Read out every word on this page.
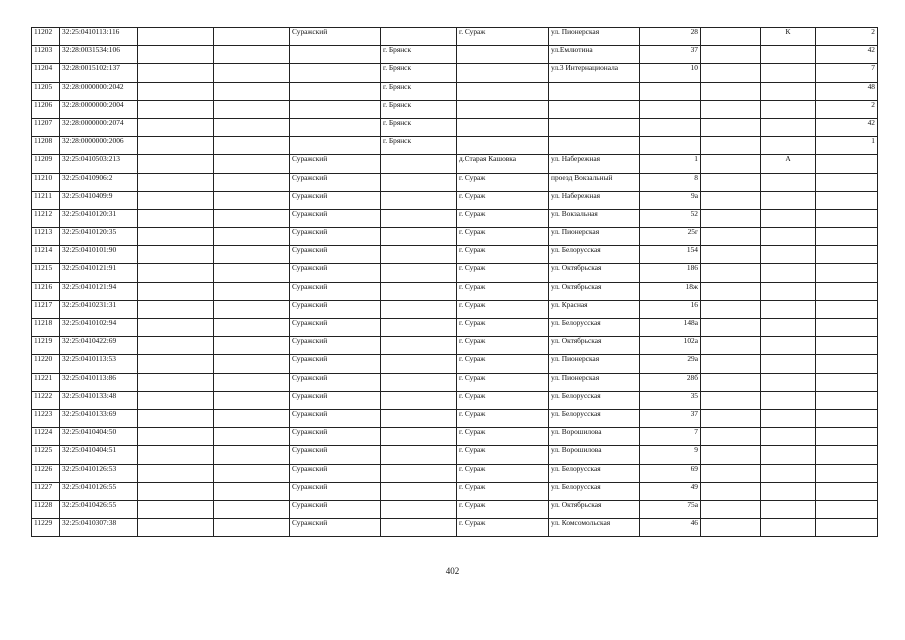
11202	32:25:0410113:116			Суражский		г. Сураж	ул. Пионерская	28		К	2
11203	32:28:0031534:106				г. Брянск		ул.Емлютина	37			42
11204	32:28:0015102:137				г. Брянск		ул.3 Интернационала	10			7
11205	32:28:0000000:2042				г. Брянск						48
11206	32:28:0000000:2004				г. Брянск						2
11207	32:28:0000000:2074				г. Брянск						42
11208	32:28:0000000:2006				г. Брянск						1
11209	32:25:0410503:213			Суражский		д.Старая Кашовка	ул. Набережная	1		А	
11210	32:25:0410906:2			Суражский		г. Сураж	проезд Вокзальный	8			
11211	32:25:0410409:9			Суражский		г. Сураж	ул. Набережная	9а			
11212	32:25:0410120:31			Суражский		г. Сураж	ул. Вокзальная	52			
11213	32:25:0410120:35			Суражский		г. Сураж	ул. Пионерская	25г			
11214	32:25:0410101:90			Суражский		г. Сураж	ул. Белорусская	154			
11215	32:25:0410121:91			Суражский		г. Сураж	ул. Октябрьская	186			
11216	32:25:0410121:94			Суражский		г. Сураж	ул. Октябрьская	18ж			
11217	32:25:0410231:31			Суражский		г. Сураж	ул. Красная	16			
11218	32:25:0410102:94			Суражский		г. Сураж	ул. Белорусская	148а			
11219	32:25:0410422:69			Суражский		г. Сураж	ул. Октябрьская	102а			
11220	32:25:0410113:53			Суражский		г. Сураж	ул. Пионерская	29а			
11221	32:25:0410113:86			Суражский		г. Сураж	ул. Пионерская	28б			
11222	32:25:0410133:48			Суражский		г. Сураж	ул. Белорусская	35			
11223	32:25:0410133:69			Суражский		г. Сураж	ул. Белорусская	37			
11224	32:25:0410404:50			Суражский		г. Сураж	ул. Ворошилова	7			
11225	32:25:0410404:51			Суражский		г. Сураж	ул. Ворошилова	9			
11226	32:25:0410126:53			Суражский		г. Сураж	ул. Белорусская	69			
11227	32:25:0410126:55			Суражский		г. Сураж	ул. Белорусская	49			
11228	32:25:0410426:55			Суражский		г. Сураж	ул. Октябрьская	75а			
11229	32:25:0410307:38			Суражский		г. Сураж	ул. Комсомольская	46			
402
